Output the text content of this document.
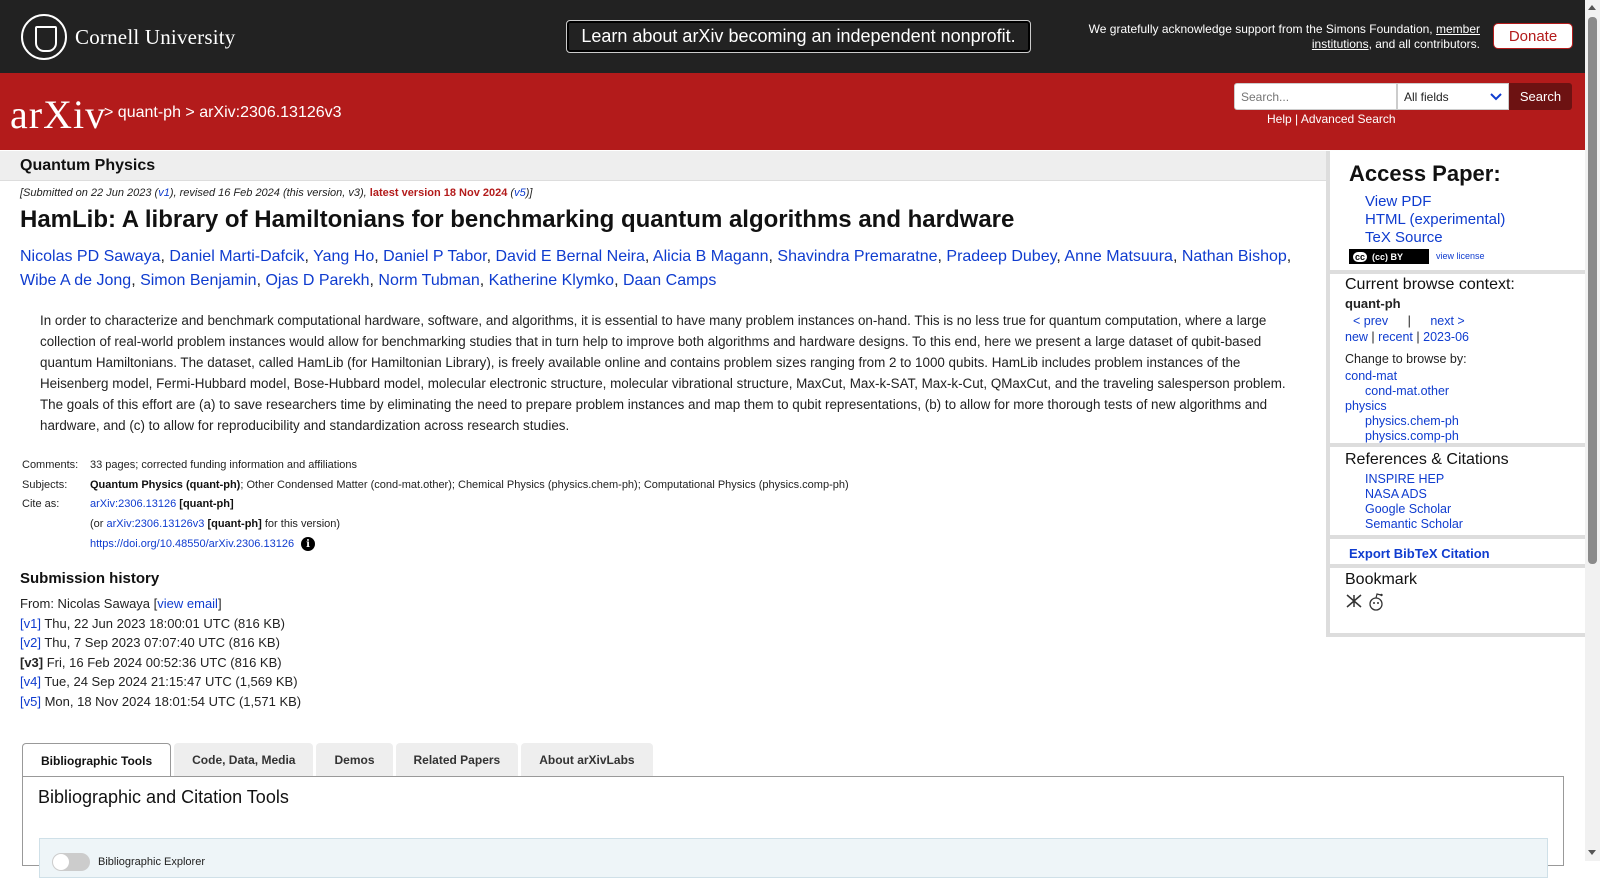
Cornell University	Learn about arXiv becoming an independent nonprofit.	We gratefully acknowledge support from the Simons Foundation, member institutions, and all contributors.	Donate
arXiv
> quant-ph > arXiv:2306.13126v3
Search...
All fields	Search
Help | Advanced Search
Quantum Physics
[Submitted on 22 Jun 2023 (v1), revised 16 Feb 2024 (this version, v3), latest version 18 Nov 2024 (v5)]
HamLib: A library of Hamiltonians for benchmarking quantum algorithms and hardware
Nicolas PD Sawaya, Daniel Marti-Dafcik, Yang Ho, Daniel P Tabor, David E Bernal Neira, Alicia B Magann, Shavindra Premaratne, Pradeep Dubey, Anne Matsuura, Nathan Bishop, Wibe A de Jong, Simon Benjamin, Ojas D Parekh, Norm Tubman, Katherine Klymko, Daan Camps
In order to characterize and benchmark computational hardware, software, and algorithms, it is essential to have many problem instances on-hand. This is no less true for quantum computation, where a large collection of real-world problem instances would allow for benchmarking studies that in turn help to improve both algorithms and hardware designs. To this end, here we present a large dataset of qubit-based quantum Hamiltonians. The dataset, called HamLib (for Hamiltonian Library), is freely available online and contains problem sizes ranging from 2 to 1000 qubits. HamLib includes problem instances of the Heisenberg model, Fermi-Hubbard model, Bose-Hubbard model, molecular electronic structure, molecular vibrational structure, MaxCut, Max-k-SAT, Max-k-Cut, QMaxCut, and the traveling salesperson problem. The goals of this effort are (a) to save researchers time by eliminating the need to prepare problem instances and map them to qubit representations, (b) to allow for more thorough tests of new algorithms and hardware, and (c) to allow for reproducibility and standardization across research studies.
Comments:	33 pages; corrected funding information and affiliations
Subjects:	Quantum Physics (quant-ph); Other Condensed Matter (cond-mat.other); Chemical Physics (physics.chem-ph); Computational Physics (physics.comp-ph)
Cite as:	arXiv:2306.13126 [quant-ph]
(or arXiv:2306.13126v3 [quant-ph] for this version)
https://doi.org/10.48550/arXiv.2306.13126 i
Submission history
From: Nicolas Sawaya [view email]
[v1] Thu, 22 Jun 2023 18:00:01 UTC (816 KB)
[v2] Thu, 7 Sep 2023 07:07:40 UTC (816 KB)
[v3] Fri, 16 Feb 2024 00:52:36 UTC (816 KB)
[v4] Tue, 24 Sep 2024 21:15:47 UTC (1,569 KB)
[v5] Mon, 18 Nov 2024 18:01:54 UTC (1,571 KB)
Bibliographic Tools	Code, Data, Media	Demos	Related Papers	About arXivLabs
Bibliographic and Citation Tools
Bibliographic Explorer
Access Paper:
View PDF
HTML (experimental)
TeX Source
cc (cc) BY	view license
Current browse context:
quant-ph
< prev | next >
new | recent | 2023-06
Change to browse by:
cond-mat
cond-mat.other
physics
physics.chem-ph
physics.comp-ph
References & Citations
INSPIRE HEP
NASA ADS
Google Scholar
Semantic Scholar
Export BibTeX Citation
Bookmark
